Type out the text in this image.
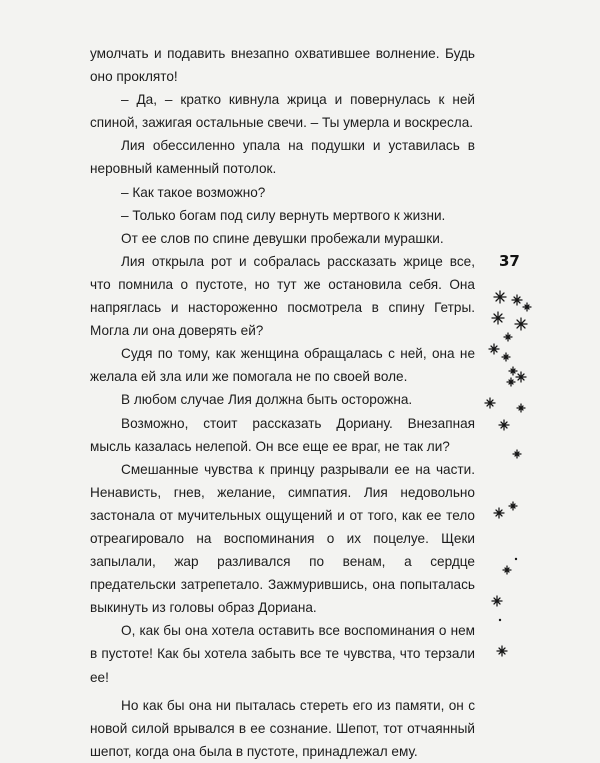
умолчать и подавить внезапно охватившее волнение. Будь оно проклято!

– Да, – кратко кивнула жрица и повернулась к ней спиной, зажигая остальные свечи. – Ты умерла и воскресла.

Лия обессиленно упала на подушки и уставилась в неровный каменный потолок.

– Как такое возможно?

– Только богам под силу вернуть мертвого к жизни.

От ее слов по спине девушки пробежали мурашки.

Лия открыла рот и собралась рассказать жрице все, что помнила о пустоте, но тут же остановила себя. Она напряглась и настороженно посмотрела в спину Гетры. Могла ли она доверять ей?

Судя по тому, как женщина обращалась с ней, она не желала ей зла или же помогала не по своей воле.

В любом случае Лия должна быть осторожна.

Возможно, стоит рассказать Дориану. Внезапная мысль казалась нелепой. Он все еще ее враг, не так ли?

Смешанные чувства к принцу разрывали ее на части. Ненависть, гнев, желание, симпатия. Лия недовольно застонала от мучительных ощущений и от того, как ее тело отреагировало на воспоминания о их поцелуе. Щеки запылали, жар разливался по венам, а сердце предательски затрепетало. Зажмурившись, она попыталась выкинуть из головы образ Дориана.

О, как бы она хотела оставить все воспоминания о нем в пустоте! Как бы хотела забыть все те чувства, что терзали ее!

Но как бы она ни пыталась стереть его из памяти, он с новой силой врывался в ее сознание. Шепот, тот отчаянный шепот, когда она была в пустоте, принадлежал ему.

37
